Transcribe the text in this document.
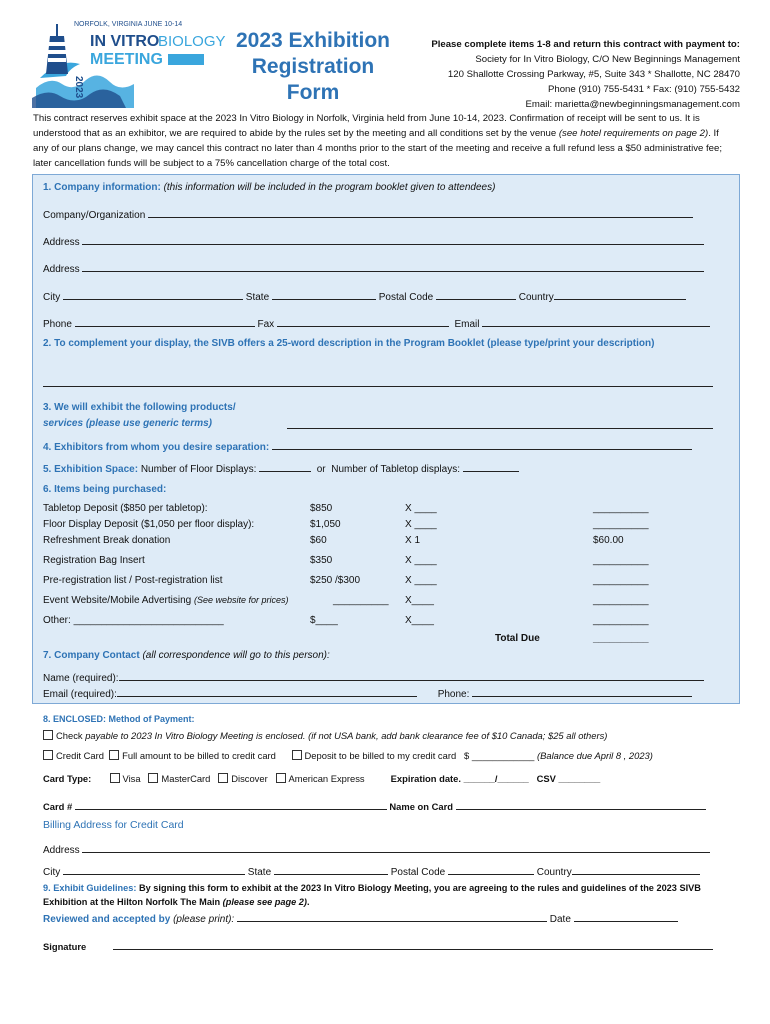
NORFOLK, VIRGINIA JUNE 10-14
2023
IN VITRO
BIOLOGY
MEETING
2023 Exhibition
Registration
Form
Please complete items 1-8 and return this contract with payment to:
Society for In Vitro Biology, C/O New Beginnings Management
120 Shallotte Crossing Parkway, #5, Suite 343 * Shallotte, NC 28470
Phone (910) 755-5431 * Fax: (910) 755-5432
Email: marietta@newbeginningsmanagement.com
This contract reserves exhibit space at the 2023 In Vitro Biology in Norfolk, Virginia held from June 10-14, 2023. Confirmation of receipt will be sent to us. It is understood that as an exhibitor, we are required to abide by the rules set by the meeting and all conditions set by the venue (see hotel requirements on page 2). If any of our plans change, we may cancel this contract no later than 4 months prior to the start of the meeting and receive a full refund less a $50 administrative fee; later cancellation funds will be subject to a 75% cancellation charge of the total cost.
1. Company information: (this information will be included in the program booklet given to attendees)
Company/Organization
Address
Address
City	State	Postal Code	Country
Phone	Fax	Email
2. To complement your display, the SIVB offers a 25-word description in the Program Booklet (please type/print your description)
3. We will exhibit the following products/
services (please use generic terms)
4. Exhibitors from whom you desire separation:
5. Exhibition Space: Number of Floor Displays:	or Number of Tabletop displays:
6. Items being purchased:
Tabletop Deposit ($850 per tabletop):	$850	X ____	__________
Floor Display Deposit ($1,050 per floor display):	$1,050	X ____	__________
Refreshment Break donation	$60	X 1	$60.00
Registration Bag Insert	$350	X ____	__________
Pre-registration list / Post-registration list	$250 /$300	X ____	__________
Event Website/Mobile Advertising (See website for prices)	__________ X____	__________
Other: ___________________________	$____	X____	__________
Total Due	__________
7. Company Contact (all correspondence will go to this person):
Name (required):
Email (required):	Phone:
8. ENCLOSED: Method of Payment:
Check payable to 2023 In Vitro Biology Meeting is enclosed. (if not USA bank, add bank clearance fee of $10 Canada; $25 all others)
Credit Card Full amount to be billed to credit card	Deposit to be billed to my credit card $ ____________ (Balance due April 8 , 2023)
Card Type:	Visa MasterCard Discover American Express	Expiration date. ______/______ CSV ________
Card #	Name on Card
Billing Address for Credit Card
Address
City	State	Postal Code	Country
9. Exhibit Guidelines: By signing this form to exhibit at the 2023 In Vitro Biology Meeting, you are agreeing to the rules and guidelines of the 2023 SIVB Exhibition at the Hilton Norfolk The Main (please see page 2).
Reviewed and accepted by (please print):	Date
Signature
